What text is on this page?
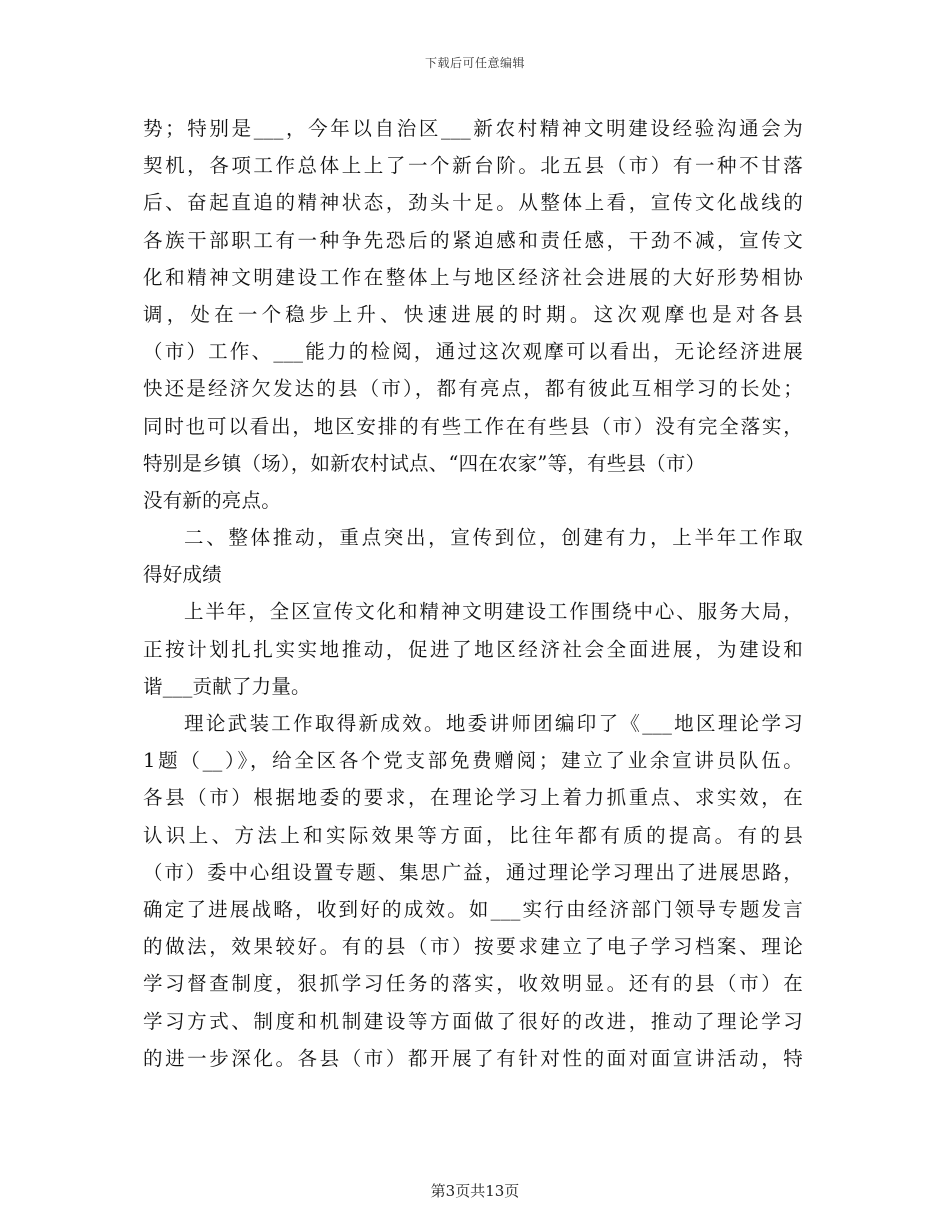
下载后可任意编辑
势；特别是___，今年以自治区___新农村精神文明建设经验沟通会为
契机，各项工作总体上上了一个新台阶。北五县（市）有一种不甘落
后、奋起直追的精神状态，劲头十足。从整体上看，宣传文化战线的
各族干部职工有一种争先恐后的紧迫感和责任感，干劲不减，宣传文
化和精神文明建设工作在整体上与地区经济社会进展的大好形势相协
调，处在一个稳步上升、快速进展的时期。这次观摩也是对各县
（市）工作、___能力的检阅，通过这次观摩可以看出，无论经济进展
快还是经济欠发达的县（市），都有亮点，都有彼此互相学习的长处；
同时也可以看出，地区安排的有些工作在有些县（市）没有完全落实，
特别是乡镇（场），如新农村试点、“四在农家”等，有些县（市）
没有新的亮点。
二、整体推动，重点突出，宣传到位，创建有力，上半年工作取
得好成绩
上半年，全区宣传文化和精神文明建设工作围绕中心、服务大局，
正按计划扎扎实实地推动，促进了地区经济社会全面进展，为建设和
谐___贡献了力量。
理论武装工作取得新成效。地委讲师团编印了《___地区理论学习
1题（__）》，给全区各个党支部免费赠阅；建立了业余宣讲员队伍。
各县（市）根据地委的要求，在理论学习上着力抓重点、求实效，在
认识上、方法上和实际效果等方面，比往年都有质的提高。有的县
（市）委中心组设置专题、集思广益，通过理论学习理出了进展思路，
确定了进展战略，收到好的成效。如___实行由经济部门领导专题发言
的做法，效果较好。有的县（市）按要求建立了电子学习档案、理论
学习督查制度，狠抓学习任务的落实，收效明显。还有的县（市）在
学习方式、制度和机制建设等方面做了很好的改进，推动了理论学习
的进一步深化。各县（市）都开展了有针对性的面对面宣讲活动，特
第3页共13页
